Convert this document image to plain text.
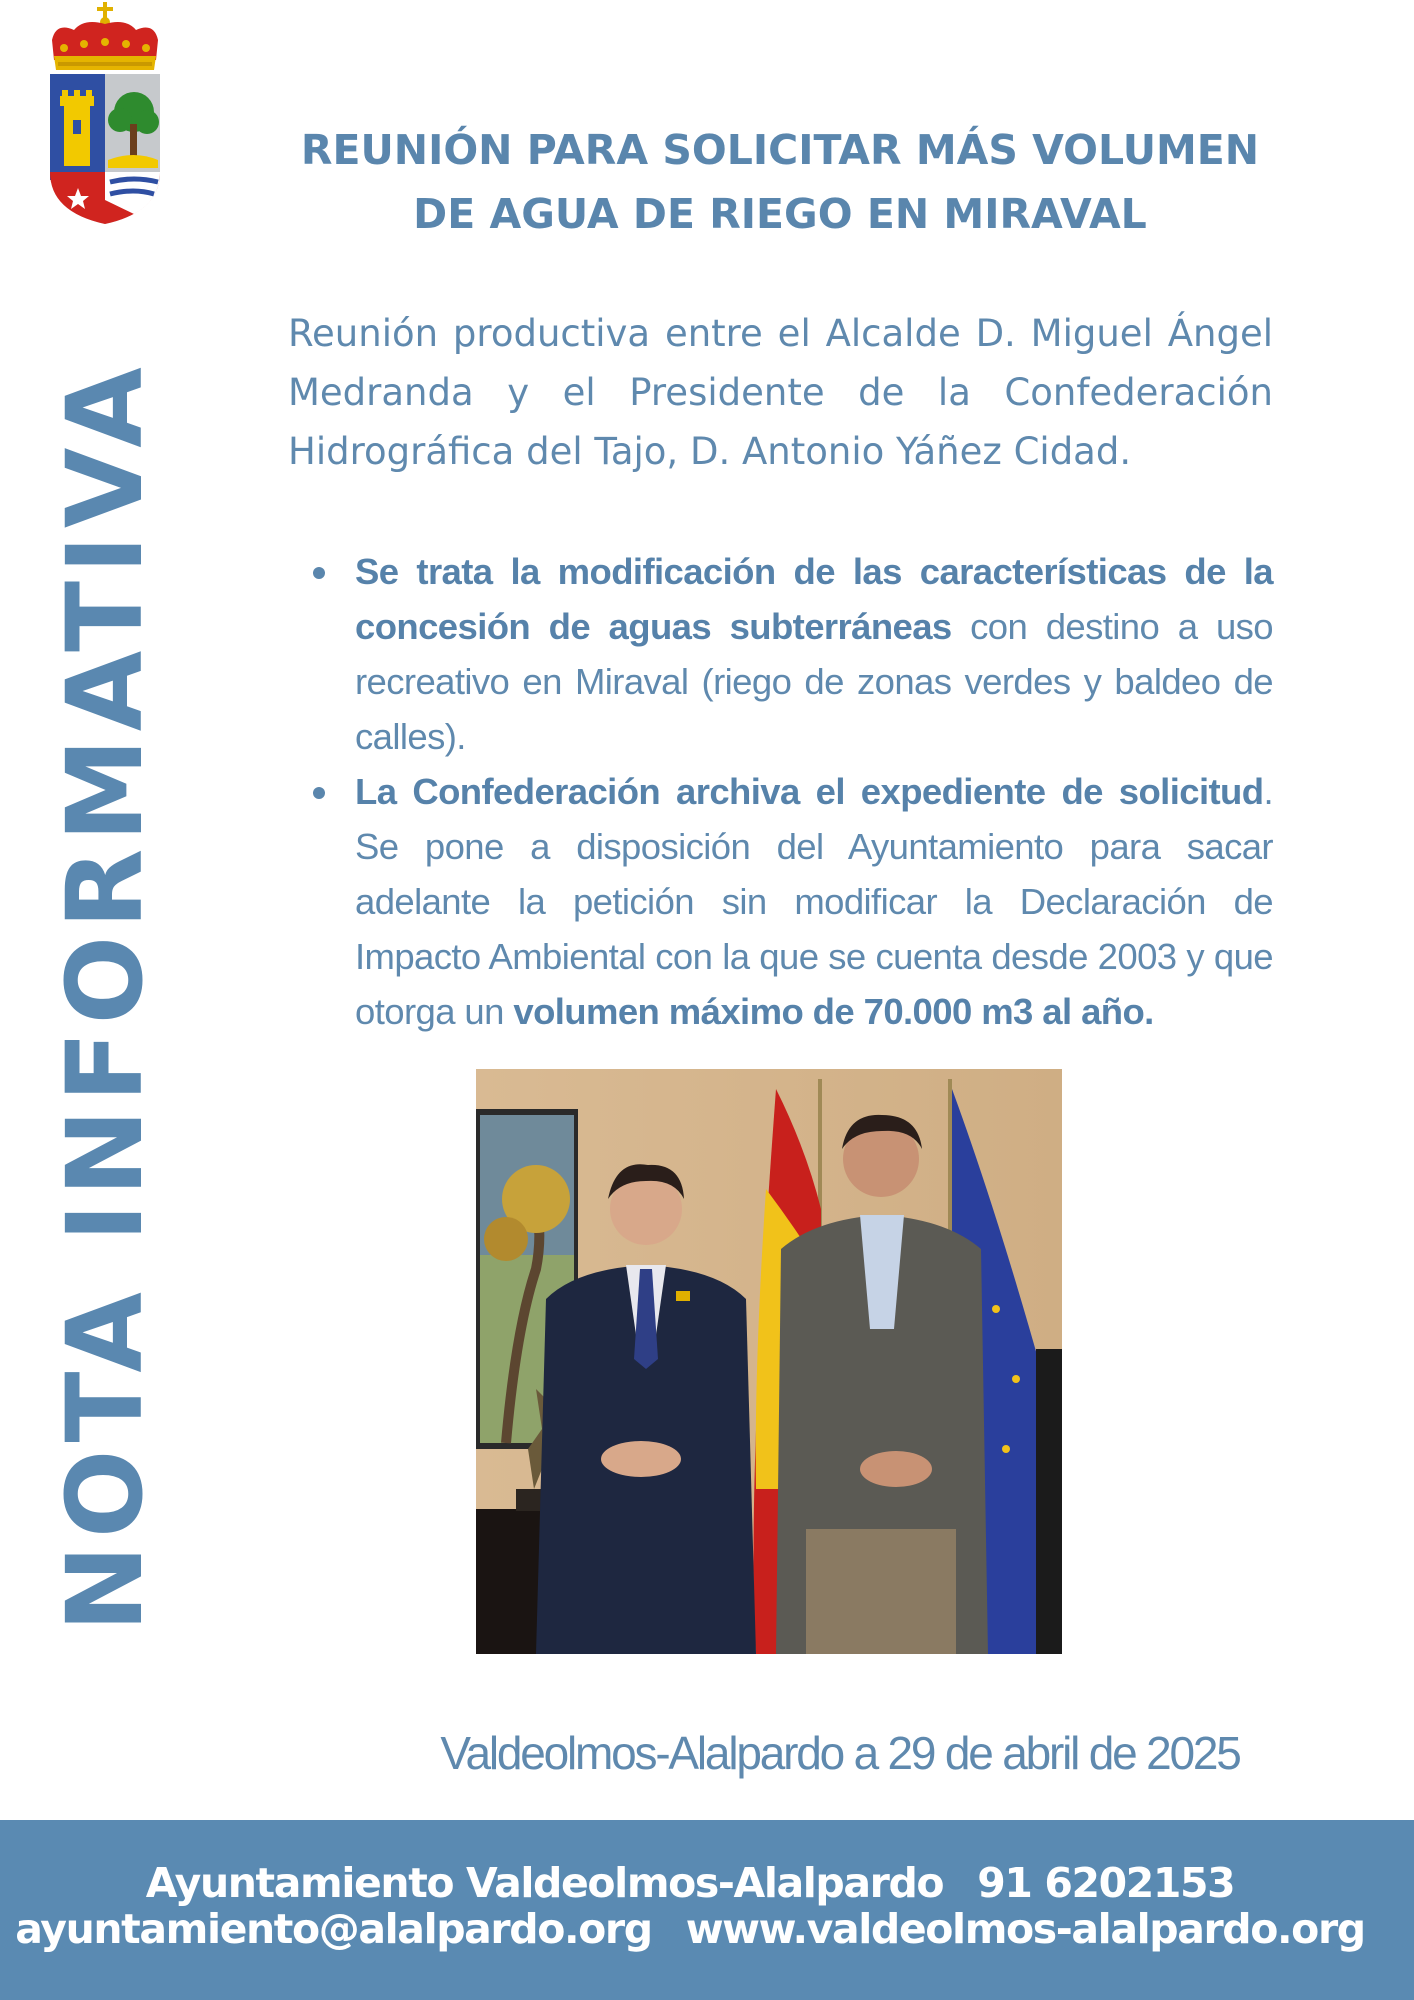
NOTA INFORMATIVA
REUNIÓN PARA SOLICITAR MÁS VOLUMEN
DE AGUA DE RIEGO EN MIRAVAL

Reunión productiva entre el Alcalde D. Miguel Ángel Medranda y el Presidente de la Confederación Hidrográfica del Tajo, D. Antonio Yáñez Cidad.

Se trata la modificación de las características de la concesión de aguas subterráneas con destino a uso recreativo en Miraval (riego de zonas verdes y baldeo de calles).
La Confederación archiva el expediente de solicitud. Se pone a disposición del Ayuntamiento para sacar adelante la petición sin modificar la Declaración de Impacto Ambiental con la que se cuenta desde 2003 y que otorga un volumen máximo de 70.000 m3 al año.
Valdeolmos-Alalpardo a 29 de abril de 2025
Ayuntamiento Valdeolmos-Alalpardo 91 6202153
ayuntamiento@alalpardo.org www.valdeolmos-alalpardo.org
